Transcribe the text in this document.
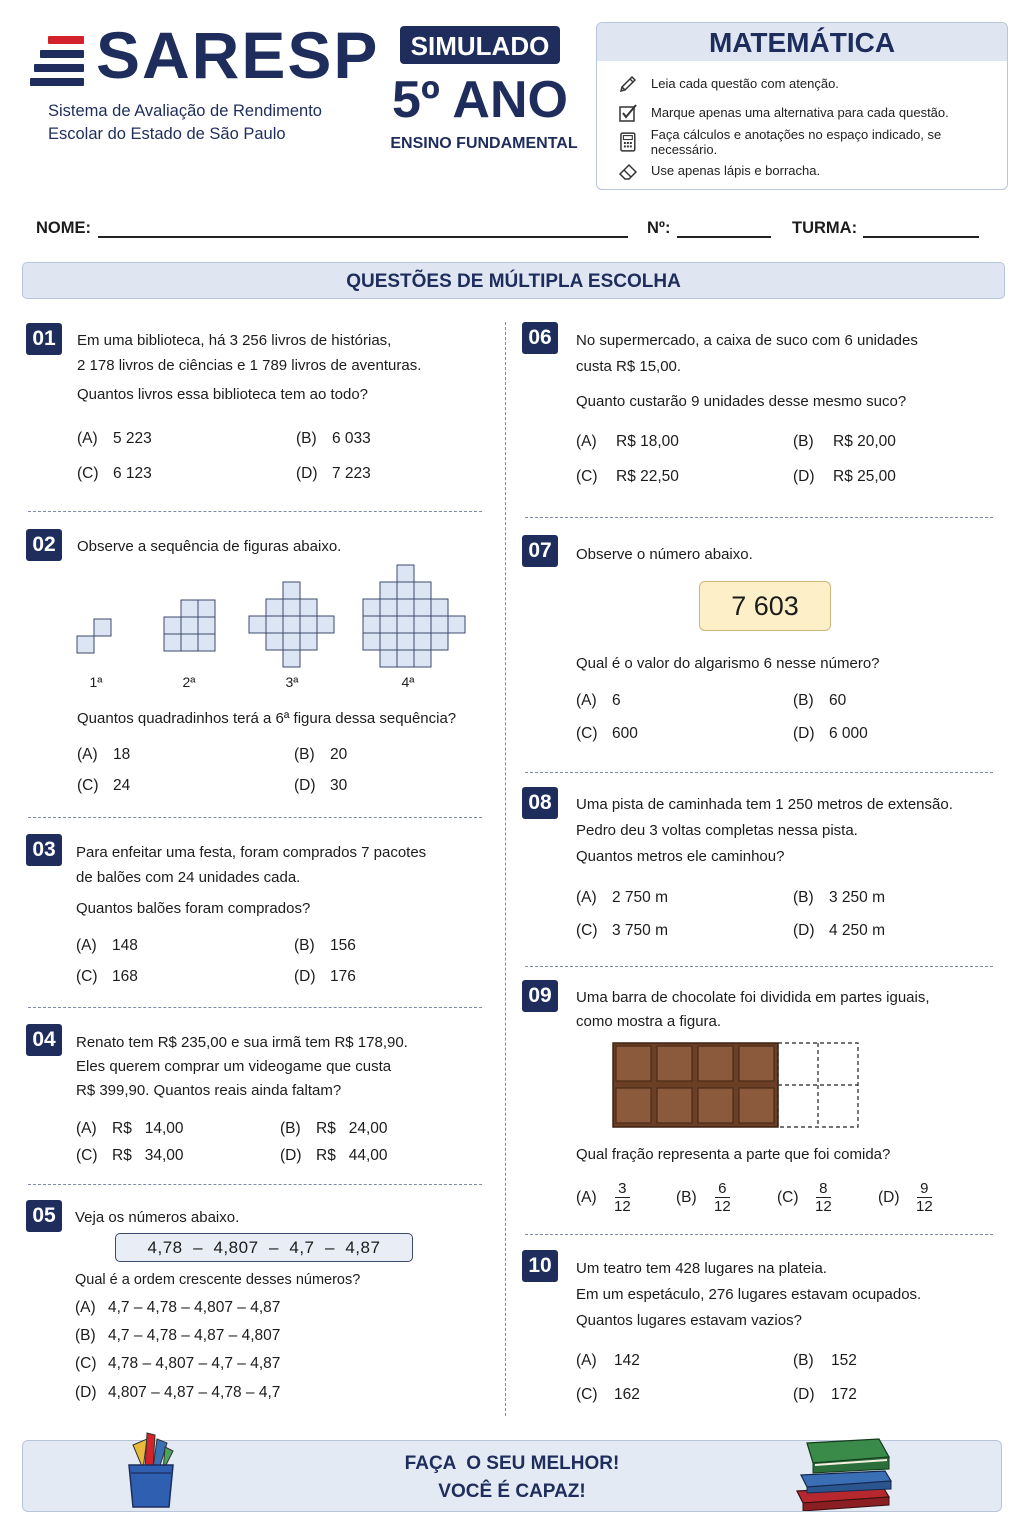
SARESP
Sistema de Avaliação de Rendimento
Escolar do Estado de São Paulo
SIMULADO
5º ANO
ENSINO FUNDAMENTAL
MATEMÁTICA
Leia cada questão com atenção.
Marque apenas uma alternativa para cada questão.
Faça cálculos e anotações no espaço indicado, se necessário.
Use apenas lápis e borracha.
NOME:	Nº:	TURMA:
QUESTÕES DE MÚLTIPLA ESCOLHA
01	Em uma biblioteca, há 3 256 livros de histórias,
2 178 livros de ciências e 1 789 livros de aventuras.
Quantos livros essa biblioteca tem ao todo?
(A) 5 223	(B) 6 033
(C) 6 123	(D) 7 223
02	Observe a sequência de figuras abaixo.
1ª	2ª	3ª	4ª
Quantos quadradinhos terá a 6ª figura dessa sequência?
(A) 18	(B) 20
(C) 24	(D) 30
03	Para enfeitar uma festa, foram comprados 7 pacotes
de balões com 24 unidades cada.
Quantos balões foram comprados?
(A) 148	(B) 156
(C) 168	(D) 176
04	Renato tem R$ 235,00 e sua irmã tem R$ 178,90.
Eles querem comprar um videogame que custa
R$ 399,90. Quantos reais ainda faltam?
(A) R$   14,00	(B) R$   24,00
(C) R$   34,00	(D) R$   44,00
05	Veja os números abaixo.
4,78  –  4,807  –  4,7  –  4,87
Qual é a ordem crescente desses números?
(A) 4,7 – 4,78 – 4,807 – 4,87
(B) 4,7 – 4,78 – 4,87 – 4,807
(C) 4,78 – 4,807 – 4,7 – 4,87
(D) 4,807 – 4,87 – 4,78 – 4,7
06	No supermercado, a caixa de suco com 6 unidades
custa R$ 15,00.
Quanto custarão 9 unidades desse mesmo suco?
(A) R$ 18,00	(B) R$ 20,00
(C) R$ 22,50	(D) R$ 25,00
07	Observe o número abaixo.
7 603
Qual é o valor do algarismo 6 nesse número?
(A) 6	(B) 60
(C) 600	(D) 6 000
08	Uma pista de caminhada tem 1 250 metros de extensão.
Pedro deu 3 voltas completas nessa pista.
Quantos metros ele caminhou?
(A) 2 750 m	(B) 3 250 m
(C) 3 750 m	(D) 4 250 m
09	Uma barra de chocolate foi dividida em partes iguais,
como mostra a figura.
Qual fração representa a parte que foi comida?
(A)	3
12
(B)	6
12
(C)	8
12
(D)	9
12
10	Um teatro tem 428 lugares na plateia.
Em um espetáculo, 276 lugares estavam ocupados.
Quantos lugares estavam vazios?
(A) 142	(B) 152
(C) 162	(D) 172
FAÇA  O SEU MELHOR!
VOCÊ É CAPAZ!
